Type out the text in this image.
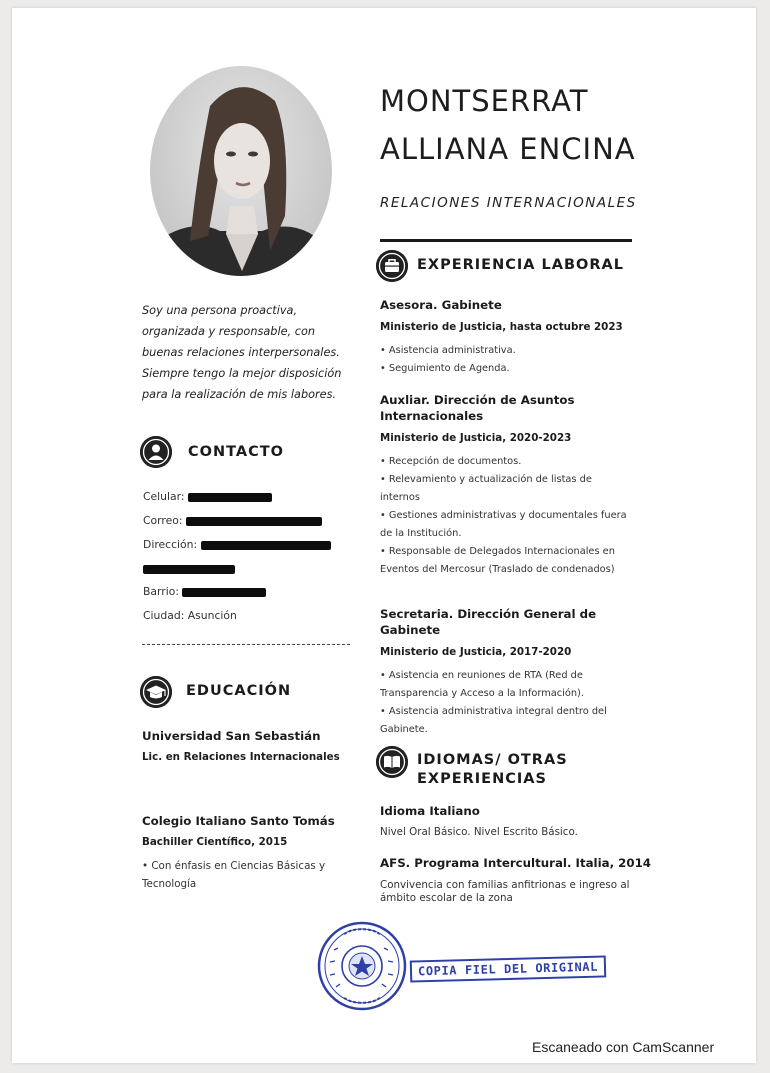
MONTSERRAT
ALLIANA ENCINA
RELACIONES INTERNACIONALES
Soy una persona proactiva, organizada y responsable, con buenas relaciones interpersonales. Siempre tengo la mejor disposición para la realización de mis labores.
CONTACTO
Celular:
Correo:
Dirección:
Barrio:
Ciudad: Asunción
EDUCACIÓN
Universidad San Sebastián
Lic. en Relaciones Internacionales
Colegio Italiano Santo Tomás
Bachiller Científico, 2015
• Con énfasis en Ciencias Básicas y Tecnología
EXPERIENCIA LABORAL
Asesora. Gabinete
Ministerio de Justicia, hasta octubre 2023
• Asistencia administrativa.
• Seguimiento de Agenda.
Auxliar. Dirección de Asuntos Internacionales
Ministerio de Justicia, 2020-2023
• Recepción de documentos.
• Relevamiento y actualización de listas de internos
• Gestiones administrativas y documentales fuera de la Institución.
• Responsable de Delegados Internacionales en Eventos del Mercosur (Traslado de condenados)
Secretaria. Dirección General de Gabinete
Ministerio de Justicia, 2017-2020
• Asistencia en reuniones de RTA (Red de Transparencia y Acceso a la Información).
• Asistencia administrativa integral dentro del Gabinete.
IDIOMAS/ OTRAS
EXPERIENCIAS
Idioma Italiano
Nivel Oral Básico. Nivel Escrito Básico.
AFS. Programa Intercultural. Italia, 2014
Convivencia con familias anfitrionas e ingreso al ámbito escolar de la zona
COPIA FIEL DEL ORIGINAL
Escaneado con CamScanner
